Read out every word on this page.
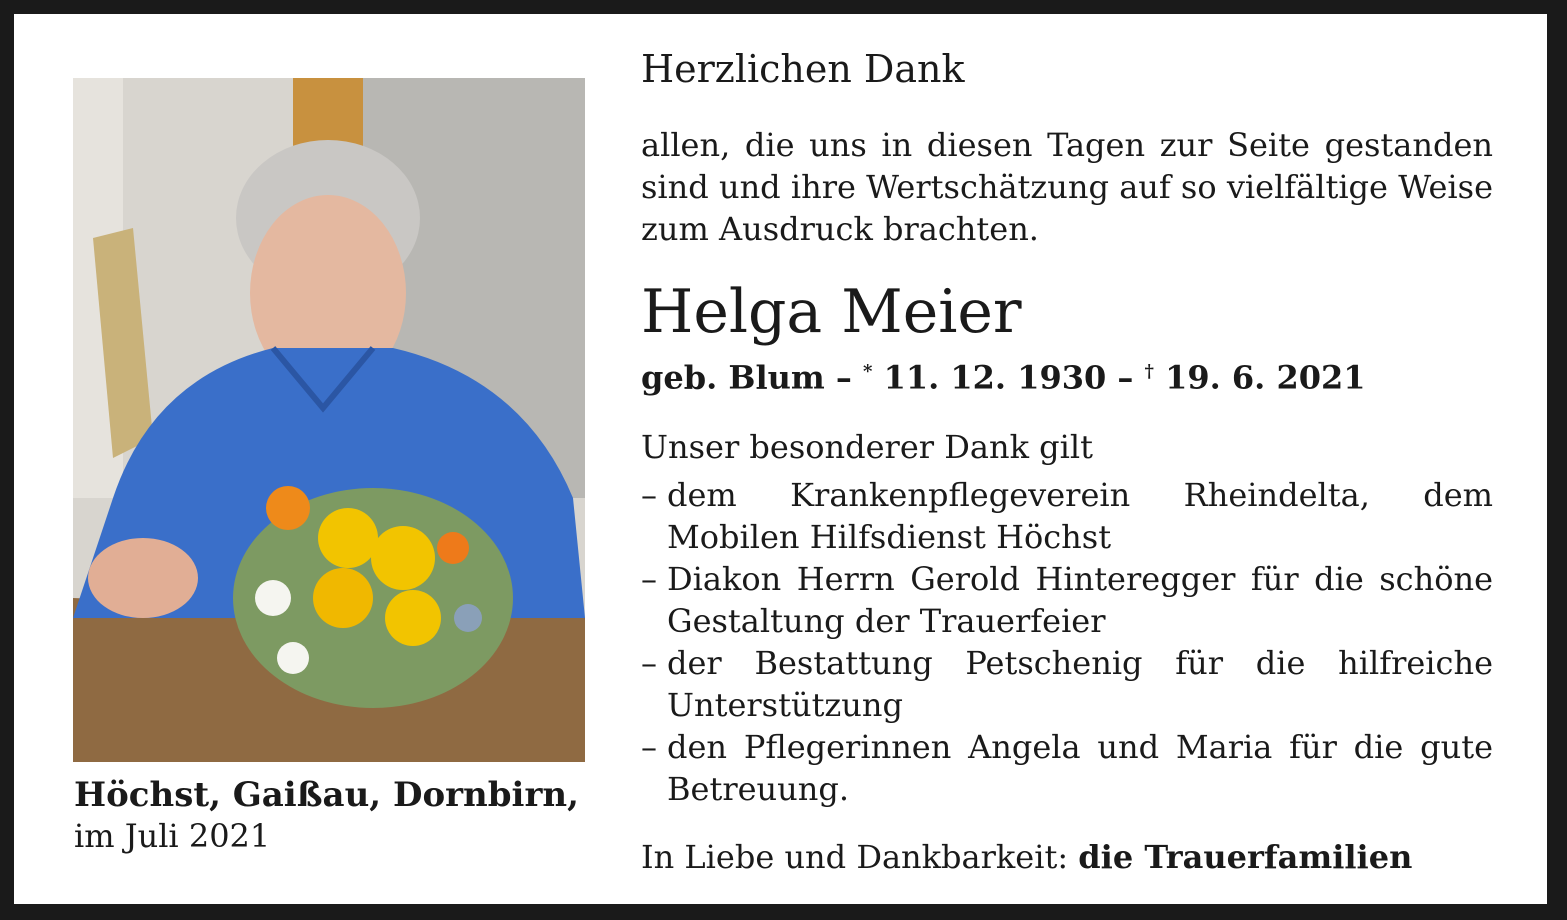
Höchst, Gaißau, Dornbirn,
im Juli 2021
Herzlichen Dank
allen, die uns in diesen Tagen zur Seite gestanden sind und ihre Wertschätzung auf so vielfältige Weise zum Ausdruck brachten.
Helga Meier
geb. Blum – * 11. 12. 1930 – † 19. 6. 2021
Unser besonderer Dank gilt
– dem Krankenpflegeverein Rheindelta, dem Mobilen Hilfsdienst Höchst
– Diakon Herrn Gerold Hinteregger für die schöne Gestaltung der Trauerfeier
– der Bestattung Petschenig für die hilfreiche Unterstützung
– den Pflegerinnen Angela und Maria für die gute Betreuung.
In Liebe und Dankbarkeit: die Trauerfamilien
